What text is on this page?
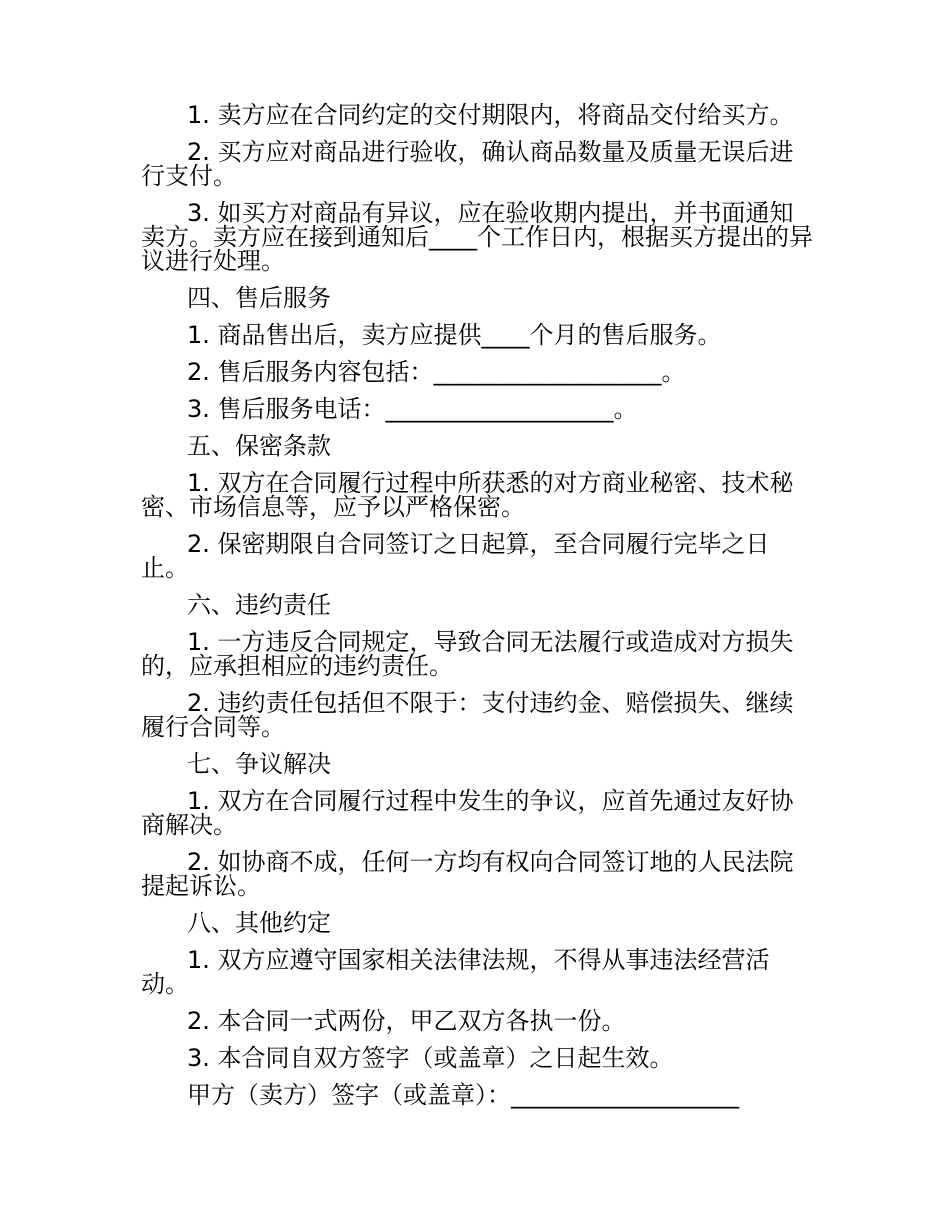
1. 卖方应在合同约定的交付期限内，将商品交付给买方。

2. 买方应对商品进行验收，确认商品数量及质量无误后进行支付。

3. 如买方对商品有异议，应在验收期内提出，并书面通知卖方。卖方应在接到通知后____个工作日内，根据买方提出的异议进行处理。

四、售后服务

1. 商品售出后，卖方应提供____个月的售后服务。

2. 售后服务内容包括：___________________。

3. 售后服务电话：___________________。

五、保密条款

1. 双方在合同履行过程中所获悉的对方商业秘密、技术秘密、市场信息等，应予以严格保密。

2. 保密期限自合同签订之日起算，至合同履行完毕之日止。

六、违约责任

1. 一方违反合同规定，导致合同无法履行或造成对方损失的，应承担相应的违约责任。

2. 违约责任包括但不限于：支付违约金、赔偿损失、继续履行合同等。

七、争议解决

1. 双方在合同履行过程中发生的争议，应首先通过友好协商解决。

2. 如协商不成，任何一方均有权向合同签订地的人民法院提起诉讼。

八、其他约定

1. 双方应遵守国家相关法律法规，不得从事违法经营活动。

2. 本合同一式两份，甲乙双方各执一份。

3. 本合同自双方签字（或盖章）之日起生效。

甲方（卖方）签字（或盖章）：___________________
